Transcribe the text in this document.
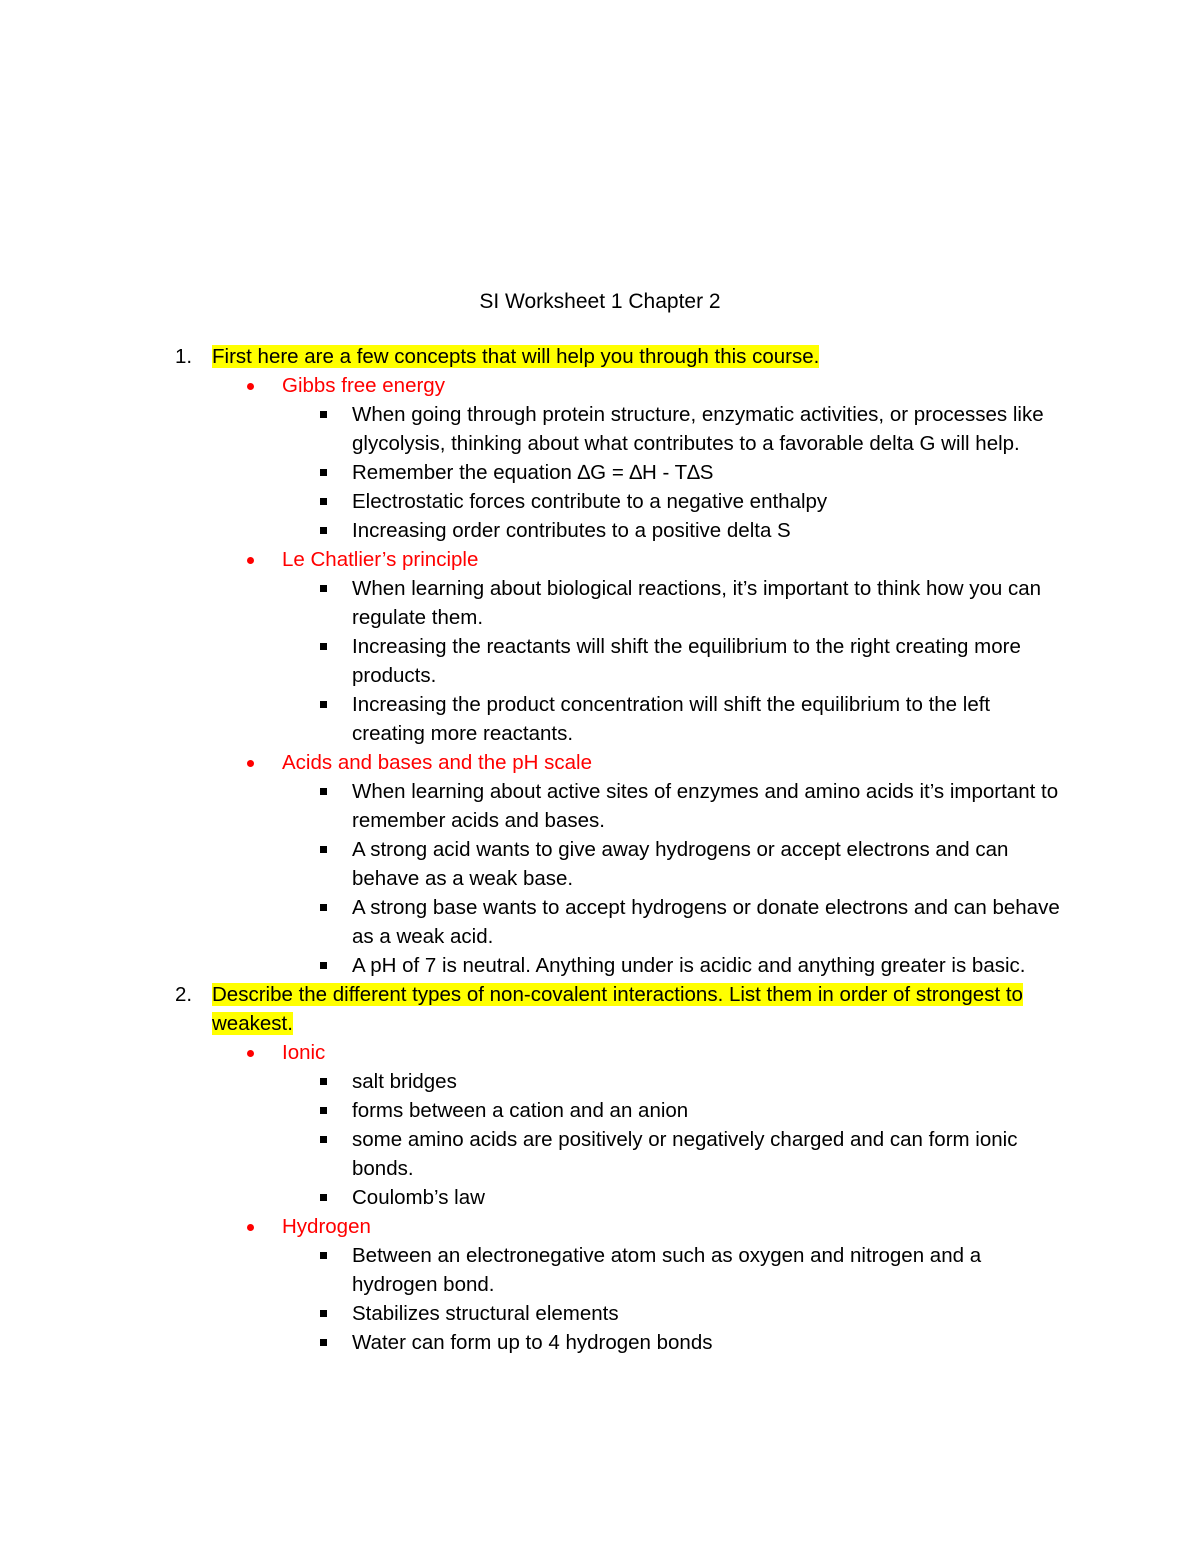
SI Worksheet 1 Chapter 2
1. First here are a few concepts that will help you through this course.
Gibbs free energy
When going through protein structure, enzymatic activities, or processes like glycolysis, thinking about what contributes to a favorable delta G will help.
Remember the equation ∆G = ∆H - T∆S
Electrostatic forces contribute to a negative enthalpy
Increasing order contributes to a positive delta S
Le Chatlier’s principle
When learning about biological reactions, it’s important to think how you can regulate them.
Increasing the reactants will shift the equilibrium to the right creating more products.
Increasing the product concentration will shift the equilibrium to the left creating more reactants.
Acids and bases and the pH scale
When learning about active sites of enzymes and amino acids it’s important to remember acids and bases.
A strong acid wants to give away hydrogens or accept electrons and can behave as a weak base.
A strong base wants to accept hydrogens or donate electrons and can behave as a weak acid.
A pH of 7 is neutral. Anything under is acidic and anything greater is basic.
2. Describe the different types of non-covalent interactions. List them in order of strongest to weakest.
Ionic
salt bridges
forms between a cation and an anion
some amino acids are positively or negatively charged and can form ionic bonds.
Coulomb’s law
Hydrogen
Between an electronegative atom such as oxygen and nitrogen and a hydrogen bond.
Stabilizes structural elements
Water can form up to 4 hydrogen bonds
